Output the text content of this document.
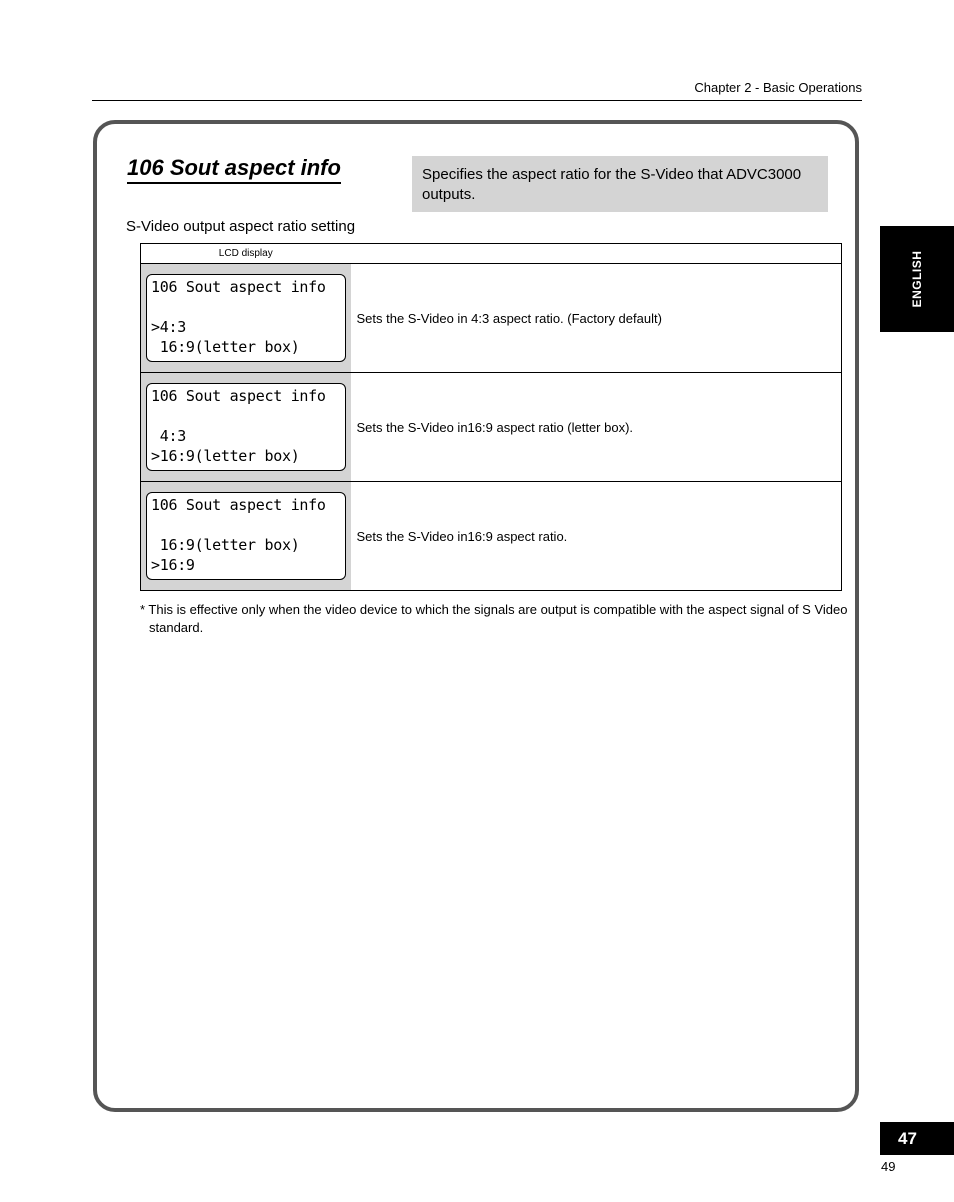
Chapter 2 - Basic Operations
106 Sout aspect info	Specifies the aspect ratio for the S-Video that ADVC3000 outputs.
S-Video output aspect ratio setting
LCD display	

106 Sout aspect info

>4:3
16:9(letter box)	Sets the S-Video in 4:3 aspect ratio. (Factory default)

106 Sout aspect info

4:3
>16:9(letter box)	Sets the S-Video in16:9 aspect ratio (letter box).

106 Sout aspect info

16:9(letter box)
>16:9	Sets the S-Video in16:9 aspect ratio.
* This is effective only when the video device to which the signals are output is compatible with the aspect signal of S Video standard.
ENGLISH
47
49
